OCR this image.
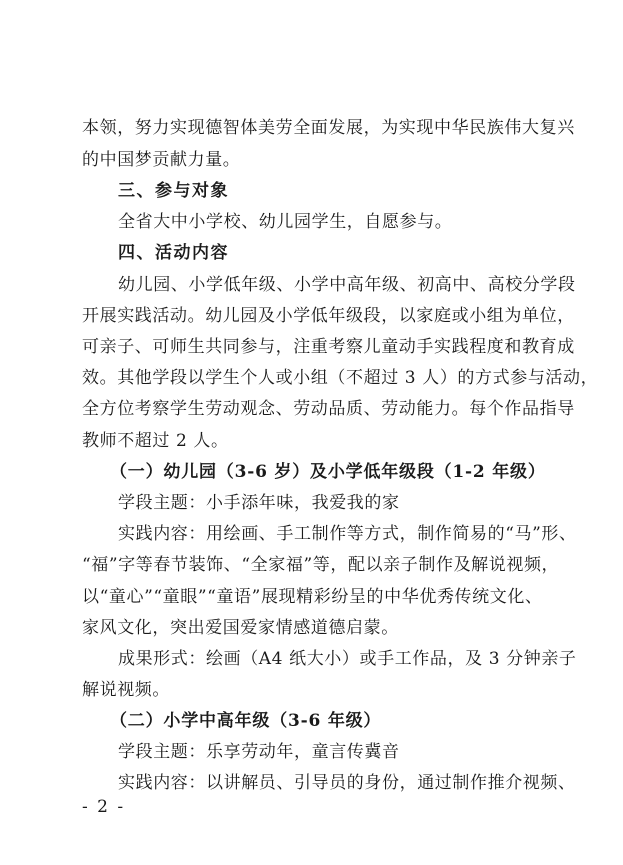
本领，努力实现德智体美劳全面发展，为实现中华民族伟大复兴
的中国梦贡献力量。
三、参与对象
全省大中小学校、幼儿园学生，自愿参与。
四、活动内容
幼儿园、小学低年级、小学中高年级、初高中、高校分学段
开展实践活动。幼儿园及小学低年级段，以家庭或小组为单位，
可亲子、可师生共同参与，注重考察儿童动手实践程度和教育成
效。其他学段以学生个人或小组（不超过 3 人）的方式参与活动，
全方位考察学生劳动观念、劳动品质、劳动能力。每个作品指导
教师不超过 2 人。
（一）幼儿园（3-6 岁）及小学低年级段（1-2 年级）
学段主题：小手添年味，我爱我的家
实践内容：用绘画、手工制作等方式，制作简易的“马”形、
“福”字等春节装饰、“全家福”等，配以亲子制作及解说视频，
以“童心”“童眼”“童语”展现精彩纷呈的中华优秀传统文化、
家风文化，突出爱国爱家情感道德启蒙。
成果形式：绘画（A4 纸大小）或手工作品，及 3 分钟亲子
解说视频。
（二）小学中高年级（3-6 年级）
学段主题：乐享劳动年，童言传冀音
实践内容：以讲解员、引导员的身份，通过制作推介视频、
- 2 -
